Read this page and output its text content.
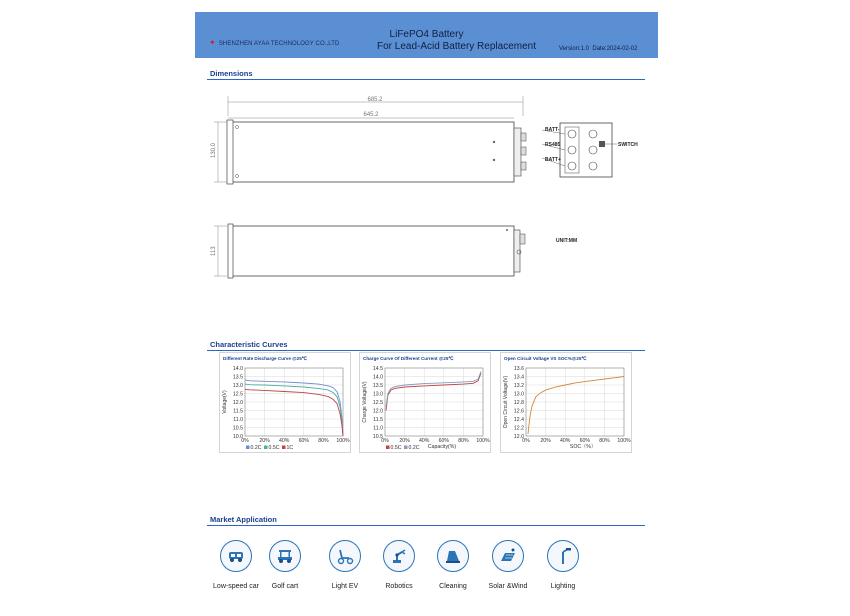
✦ SHENZHEN AYAA TECHNOLOGY CO.,LTD
LiFePO4 Battery
For Lead-Acid Battery Replacement	Version:1.0 Date:2024-02-02
Dimensions
685.2
645.2
130.0
BATT-
RS485
BATT+
SWITCH
113
UNIT:MM
Characteristic Curves
Different Rate Discharge Curve @25℃
14.0
13.5
13.0
12.5
12.0
11.5
11.0
10.5
10.0
0% 20% 40% 60% 80% 100%
Voltage(V)
0.2C 0.5C 1C
Charge Curve Of Different Current @25℃
14.5
14.0
13.5
13.0
12.5
12.0
11.5
11.0
10.5
0% 20% 40% 60% 80% 100%
Charge Voltage(V)
Capacity(%)
0.5C 0.2C
Open Circuit Voltage VS SOC%@25℃
13.6
13.4
13.2
13.0
12.8
12.6
12.4
12.2
12.0
0% 20% 40% 60% 80% 100%
Open Circuit Voltage(V)
SOC（%）
Market Application
Low-speed car	Golf cart	Light EV	Robotics	Cleaning	Solar &Wind	Lighting
